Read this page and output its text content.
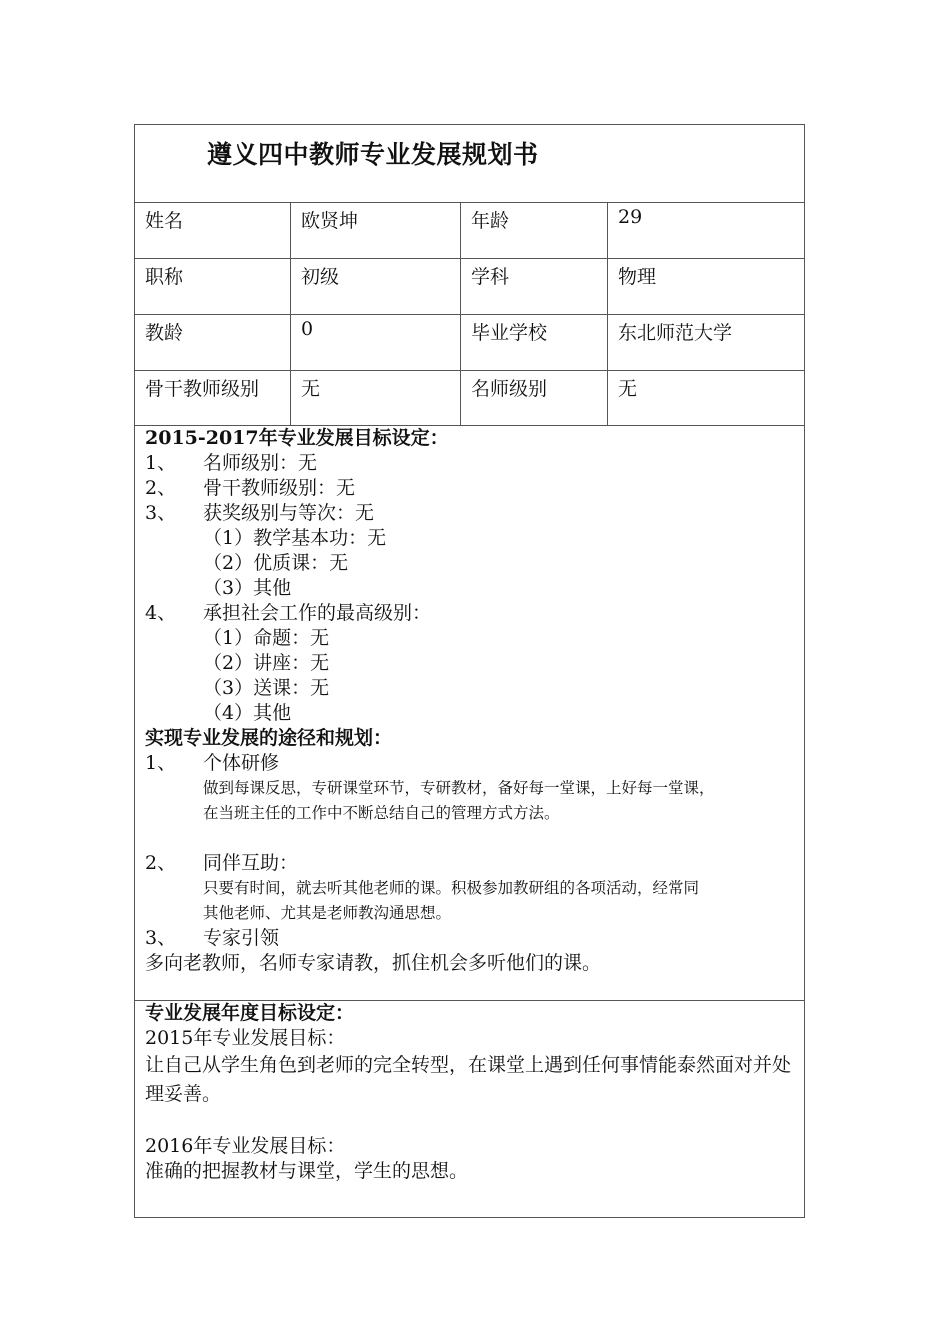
遵义四中教师专业发展规划书
姓名	欧贤坤	年龄	29
职称	初级	学科	物理
教龄	0	毕业学校	东北师范大学
骨干教师级别	无	名师级别	无
2015-2017年专业发展目标设定：
1、 名师级别：无
2、 骨干教师级别：无
3、 获奖级别与等次：无
（1）教学基本功：无
（2）优质课：无
（3）其他
4、 承担社会工作的最高级别：
（1）命题：无
（2）讲座：无
（3）送课：无
（4）其他
实现专业发展的途径和规划：
1、 个体研修
做到每课反思，专研课堂环节，专研教材，备好每一堂课，上好每一堂课，
在当班主任的工作中不断总结自己的管理方式方法。
2、 同伴互助：
只要有时间，就去听其他老师的课。积极参加教研组的各项活动，经常同
其他老师、尤其是老师教沟通思想。
3、 专家引领
多向老教师，名师专家请教，抓住机会多听他们的课。
专业发展年度目标设定：
2015年专业发展目标：
让自己从学生角色到老师的完全转型，在课堂上遇到任何事情能泰然面对并处理妥善。
2016年专业发展目标：
准确的把握教材与课堂，学生的思想。
